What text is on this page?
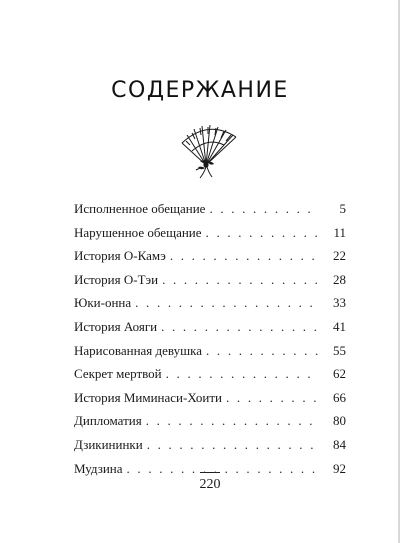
СОДЕРЖАНИЕ
Исполненное обещание . . .	5
Нарушенное обещание . . .	11
История О-Камэ . . .	22
История О-Тэи . . .	28
Юки-онна . . .	33
История Аояги . . .	41
Нарисованная девушка . . .	55
Секрет мертвой . . .	62
История Миминаси-Хоити . . .	66
Дипломатия . . .	80
Дзикининки . . .	84
Мудзина . . .	92
220
